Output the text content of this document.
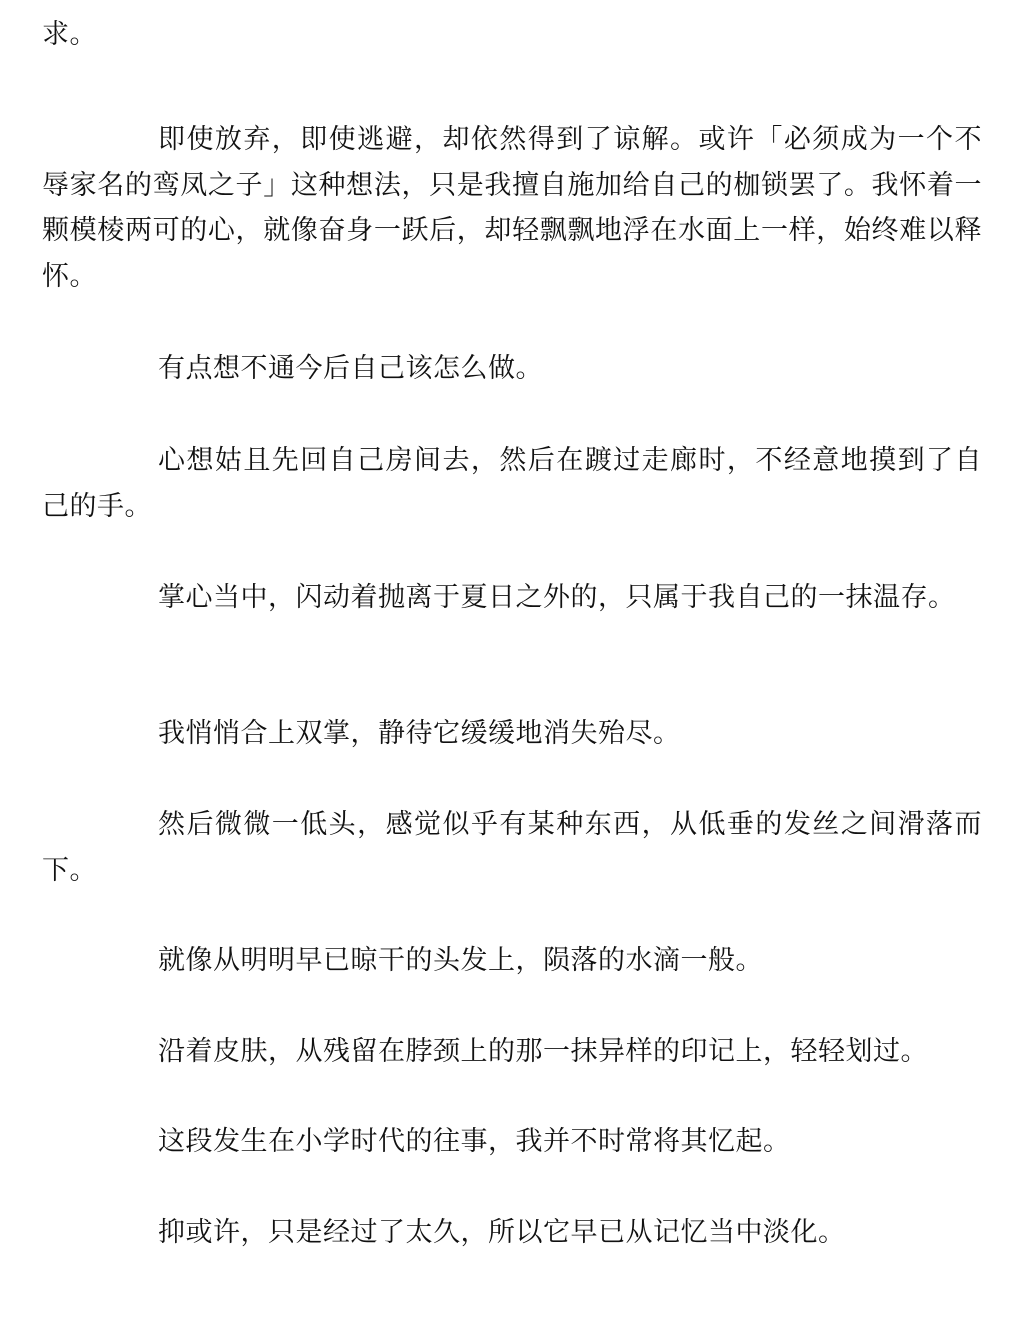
求。

即使放弃，即使逃避，却依然得到了谅解。或许「必须成为一个不辱家名的鸾凤之子」这种想法，只是我擅自施加给自己的枷锁罢了。我怀着一颗模棱两可的心，就像奋身一跃后，却轻飘飘地浮在水面上一样，始终难以释怀。

有点想不通今后自己该怎么做。

心想姑且先回自己房间去，然后在踱过走廊时，不经意地摸到了自己的手。

掌心当中，闪动着抛离于夏日之外的，只属于我自己的一抹温存。

我悄悄合上双掌，静待它缓缓地消失殆尽。

然后微微一低头，感觉似乎有某种东西，从低垂的发丝之间滑落而下。

就像从明明早已晾干的头发上，陨落的水滴一般。

沿着皮肤，从残留在脖颈上的那一抹异样的印记上，轻轻划过。

这段发生在小学时代的往事，我并不时常将其忆起。

抑或许，只是经过了太久，所以它早已从记忆当中淡化。
